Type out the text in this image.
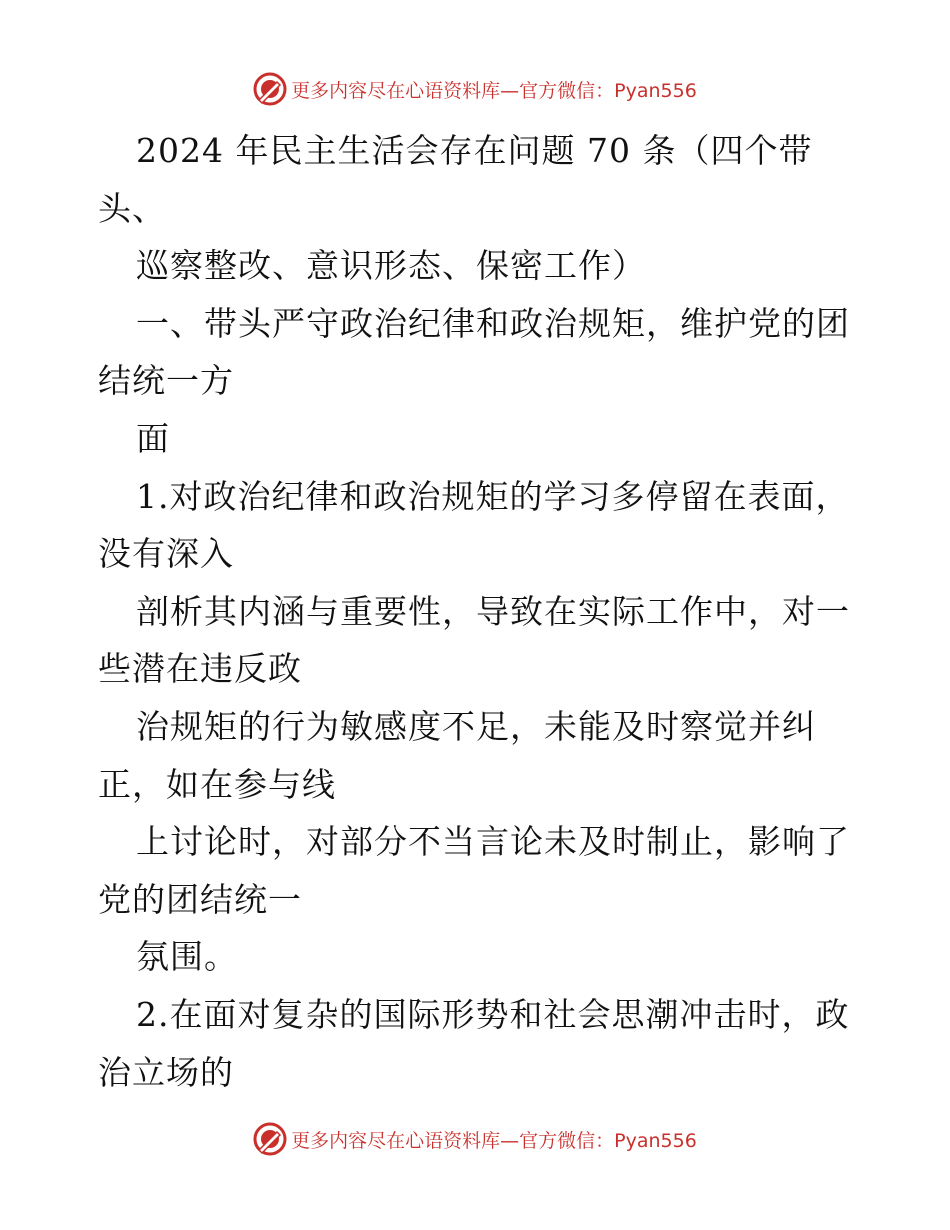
更多内容尽在心语资料库—官方微信：Pyan556
2024 年民主生活会存在问题 70 条（四个带
头、
巡察整改、意识形态、保密工作）
一、带头严守政治纪律和政治规矩，维护党的团
结统一方
面
1.对政治纪律和政治规矩的学习多停留在表面，
没有深入
剖析其内涵与重要性，导致在实际工作中，对一
些潜在违反政
治规矩的行为敏感度不足，未能及时察觉并纠
正，如在参与线
上讨论时，对部分不当言论未及时制止，影响了
党的团结统一
氛围。
2.在面对复杂的国际形势和社会思潮冲击时，政
治立场的
更多内容尽在心语资料库—官方微信：Pyan556
